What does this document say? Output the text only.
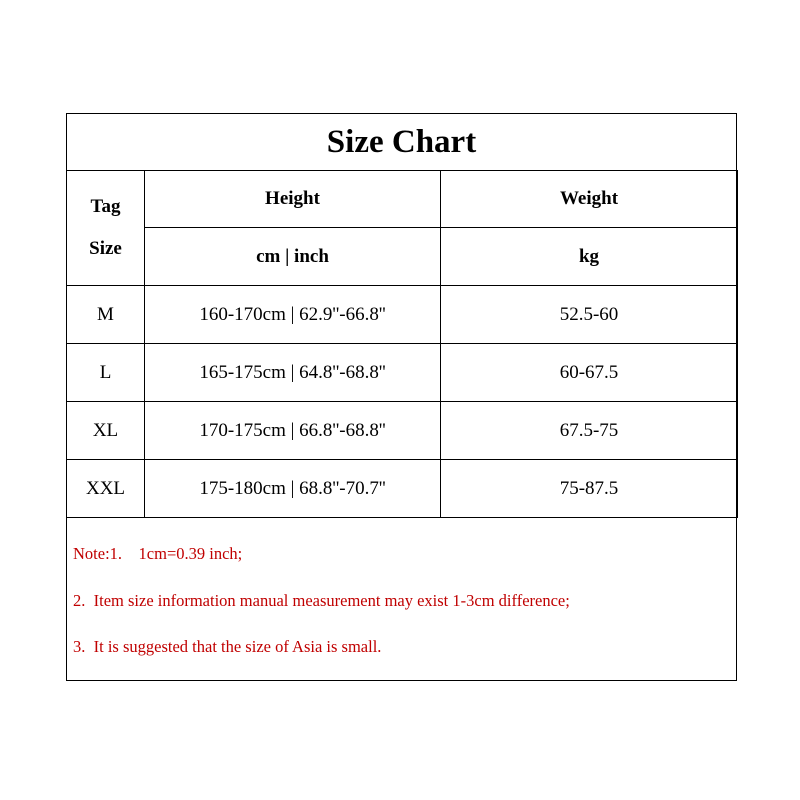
Size Chart
Tag
Size	Height	Weight
	cm | inch	kg
M	160-170cm | 62.9''-66.8''	52.5-60
L	165-175cm | 64.8''-68.8''	60-67.5
XL	170-175cm | 66.8''-68.8''	67.5-75
XXL	175-180cm | 68.8''-70.7''	75-87.5
Note:1.    1cm=0.39 inch;
2.  Item size information manual measurement may exist 1-3cm difference;
3.  It is suggested that the size of Asia is small.
